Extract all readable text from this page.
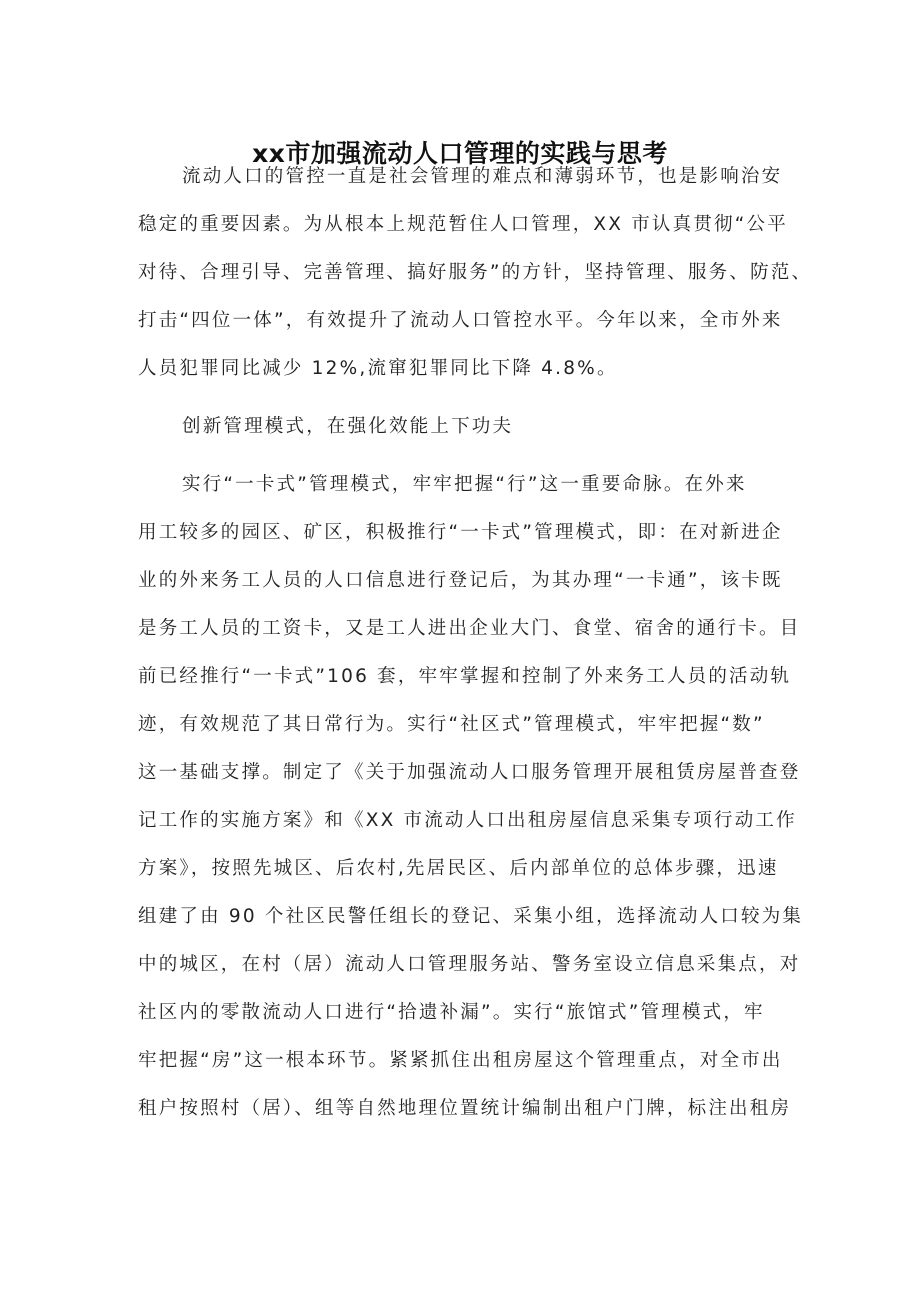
xx市加强流动人口管理的实践与思考
流动人口的管控一直是社会管理的难点和薄弱环节，也是影响治安
稳定的重要因素。为从根本上规范暂住人口管理，XX 市认真贯彻“公平
对待、合理引导、完善管理、搞好服务”的方针，坚持管理、服务、防范、
打击“四位一体”，有效提升了流动人口管控水平。今年以来，全市外来
人员犯罪同比减少 12%,流窜犯罪同比下降 4.8%。
创新管理模式，在强化效能上下功夫
实行“一卡式”管理模式，牢牢把握“行”这一重要命脉。在外来
用工较多的园区、矿区，积极推行“一卡式”管理模式，即：在对新进企
业的外来务工人员的人口信息进行登记后，为其办理“一卡通”，该卡既
是务工人员的工资卡，又是工人进出企业大门、食堂、宿舍的通行卡。目
前已经推行“一卡式”106 套，牢牢掌握和控制了外来务工人员的活动轨
迹，有效规范了其日常行为。实行“社区式”管理模式，牢牢把握“数”
这一基础支撑。制定了《关于加强流动人口服务管理开展租赁房屋普查登
记工作的实施方案》和《XX 市流动人口出租房屋信息采集专项行动工作
方案》，按照先城区、后农村,先居民区、后内部单位的总体步骤，迅速
组建了由 90 个社区民警任组长的登记、采集小组，选择流动人口较为集
中的城区，在村（居）流动人口管理服务站、警务室设立信息采集点，对
社区内的零散流动人口进行“拾遗补漏”。实行“旅馆式”管理模式，牢
牢把握“房”这一根本环节。紧紧抓住出租房屋这个管理重点，对全市出
租户按照村（居）、组等自然地理位置统计编制出租户门牌，标注出租房
